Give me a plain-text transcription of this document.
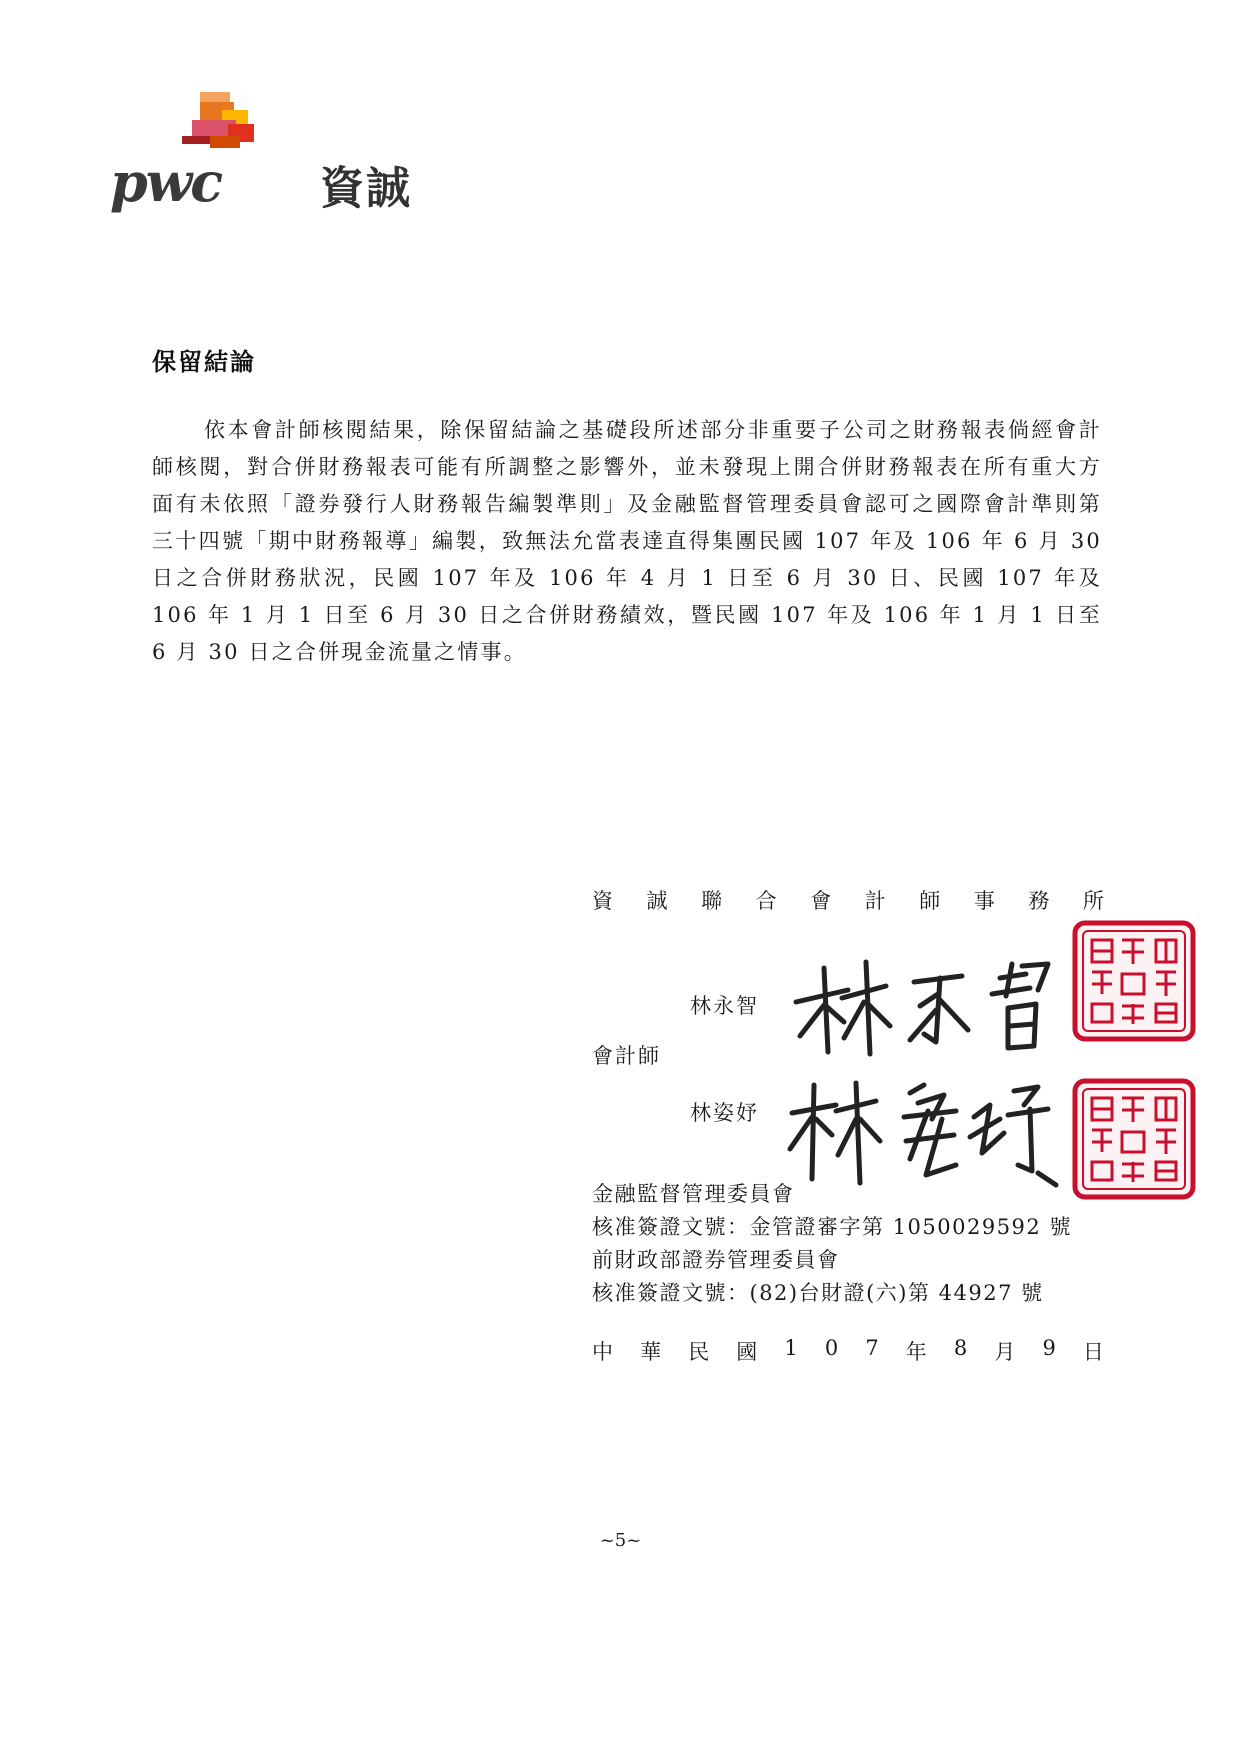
pwc 資誠
保留結論
依本會計師核閱結果，除保留結論之基礎段所述部分非重要子公司之財務報表倘經會計師核閱，對合併財務報表可能有所調整之影響外，並未發現上開合併財務報表在所有重大方面有未依照「證券發行人財務報告編製準則」及金融監督管理委員會認可之國際會計準則第三十四號「期中財務報導」編製，致無法允當表達直得集團民國 107 年及 106 年 6 月 30 日之合併財務狀況，民國 107 年及 106 年 4 月 1 日至 6 月 30 日、民國 107 年及 106 年 1 月 1 日至 6 月 30 日之合併財務績效，暨民國 107 年及 106 年 1 月 1 日至 6 月 30 日之合併現金流量之情事。
資 誠 聯 合 會 計 師 事 務 所
林永智
會計師
林姿妤
金融監督管理委員會
核准簽證文號：金管證審字第 1050029592 號
前財政部證券管理委員會
核准簽證文號：(82)台財證(六)第 44927 號
中 華 民 國 1 0 7 年 8 月 9 日
~5~
